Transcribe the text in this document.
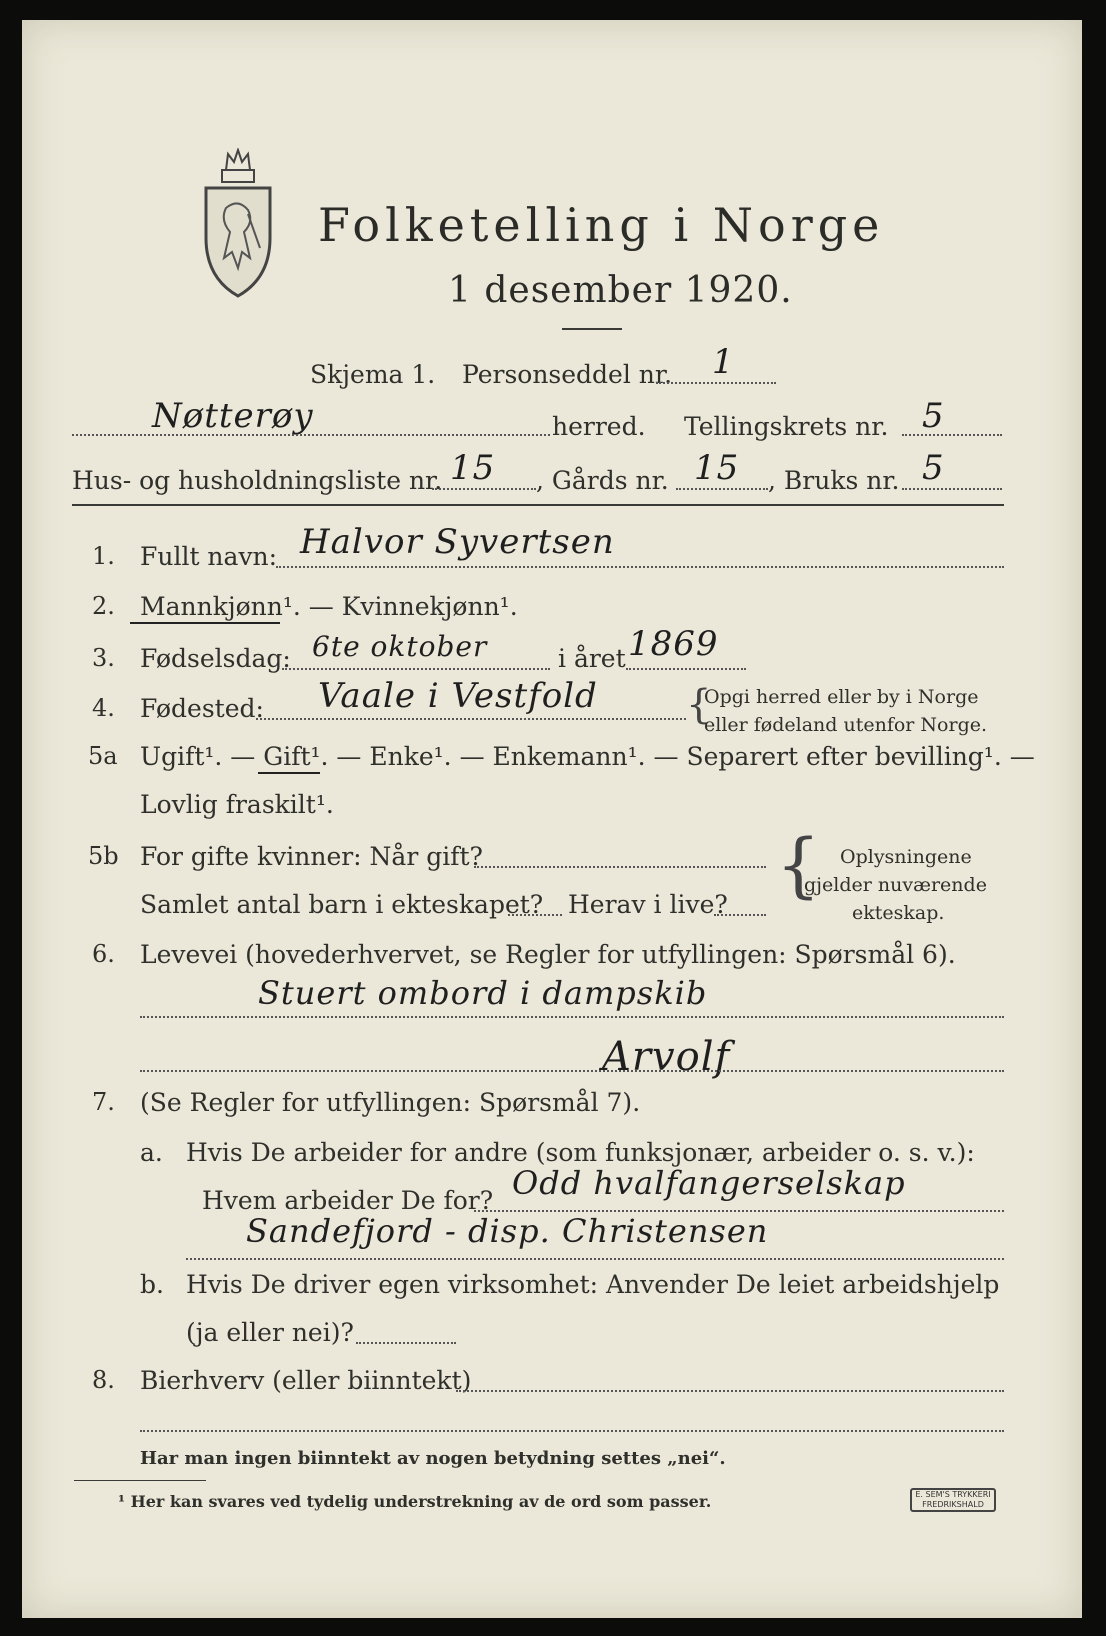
Folketelling i Norge
1 desember 1920.
Skjema 1. Personseddel nr. 1
Nøtterøy	herred. Tellingskrets nr. 5
Hus- og husholdningsliste nr. 15 , Gårds nr. 15 , Bruks nr. 5
1. Fullt navn: Halvor Syvertsen
2. Mannkjønn¹. — Kvinnekjønn¹.
3. Fødselsdag: 6te oktober	i året 1869
4. Fødested: Vaale i Vestfold {
Opgi herred eller by i Norge
eller fødeland utenfor Norge.
5a Ugift¹. — Gift¹. — Enke¹. — Enkemann¹. — Separert efter bevilling¹. —
Lovlig fraskilt¹.
5b For gifte kvinner: Når gift?
Samlet antal barn i ekteskapet? Herav i live? { Oplysningene
gjelder nuværende
ekteskap.
6. Levevei (hovederhvervet, se Regler for utfyllingen: Spørsmål 6).
Stuert ombord i dampskib
Arvolf
7. (Se Regler for utfyllingen: Spørsmål 7).
a. Hvis De arbeider for andre (som funksjonær, arbeider o. s. v.):
Hvem arbeider De for? Odd hvalfangerselskap
Sandefjord - disp. Christensen
b. Hvis De driver egen virksomhet: Anvender De leiet arbeidshjelp
(ja eller nei)?
8. Bierhverv (eller biinntekt)
Har man ingen biinntekt av nogen betydning settes „nei“.
¹ Her kan svares ved tydelig understrekning av de ord som passer.	E. SEM'S TRYKKERI
FREDRIKSHALD
